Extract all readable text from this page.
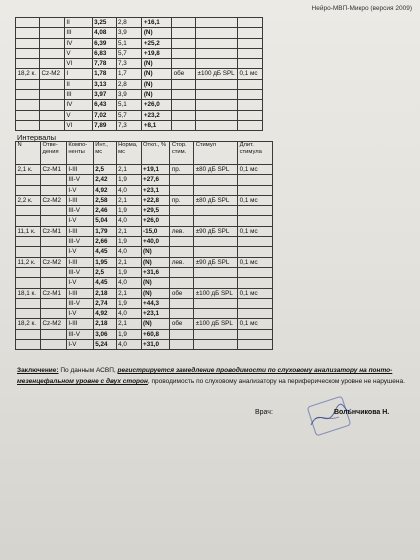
Нейро-МВП-Микро (версия 2009)
		II	3,25	2,8	+16,1			
		III	4,08	3,9	(N)			
		IV	6,39	5,1	+25,2			
		V	6,83	5,7	+19,8			
		VI	7,78	7,3	(N)			
18,2 к.	Cz-M2	I	1,78	1,7	(N)	обе	±100 дБ SPL	0,1 мс
		II	3,13	2,8	(N)			
		III	3,97	3,9	(N)			
		IV	6,43	5,1	+26,0			
		V	7,02	5,7	+23,2			
		VI	7,89	7,3	+8,1			
Интервалы
N	Отве-дения	Компо-ненты	Инт., мс	Норма, мс	Откл., %	Стор. стим.	Стимул	Длит. стимула
2,1 к.	Cz-M1	I-III	2,5	2,1	+19,1	пр.	±80 дБ SPL	0,1 мс
		III-V	2,42	1,9	+27,6			
		I-V	4,92	4,0	+23,1			
2,2 к.	Cz-M2	I-III	2,58	2,1	+22,8	пр.	±80 дБ SPL	0,1 мс
		III-V	2,46	1,9	+29,5			
		I-V	5,04	4,0	+26,0			
11,1 к.	Cz-M1	I-III	1,79	2,1	-15,0	лев.	±90 дБ SPL	0,1 мс
		III-V	2,66	1,9	+40,0			
		I-V	4,45	4,0	(N)			
11,2 к.	Cz-M2	I-III	1,95	2,1	(N)	лев.	±90 дБ SPL	0,1 мс
		III-V	2,5	1,9	+31,6			
		I-V	4,45	4,0	(N)			
18,1 к.	Cz-M1	I-III	2,18	2,1	(N)	обе	±100 дБ SPL	0,1 мс
		III-V	2,74	1,9	+44,3			
		I-V	4,92	4,0	+23,1			
18,2 к.	Cz-M2	I-III	2,18	2,1	(N)	обе	±100 дБ SPL	0,1 мс
		III-V	3,06	1,9	+60,8			
		I-V	5,24	4,0	+31,0			
Заключение: По данным АСВП, регистрируется замедление проводимости по слуховому анализатору на понто-мезенцефальном уровне с двух сторон, проводимость по слуховому анализатору на периферическом уровне не нарушена.
Врач:	Вольнчикова Н.
